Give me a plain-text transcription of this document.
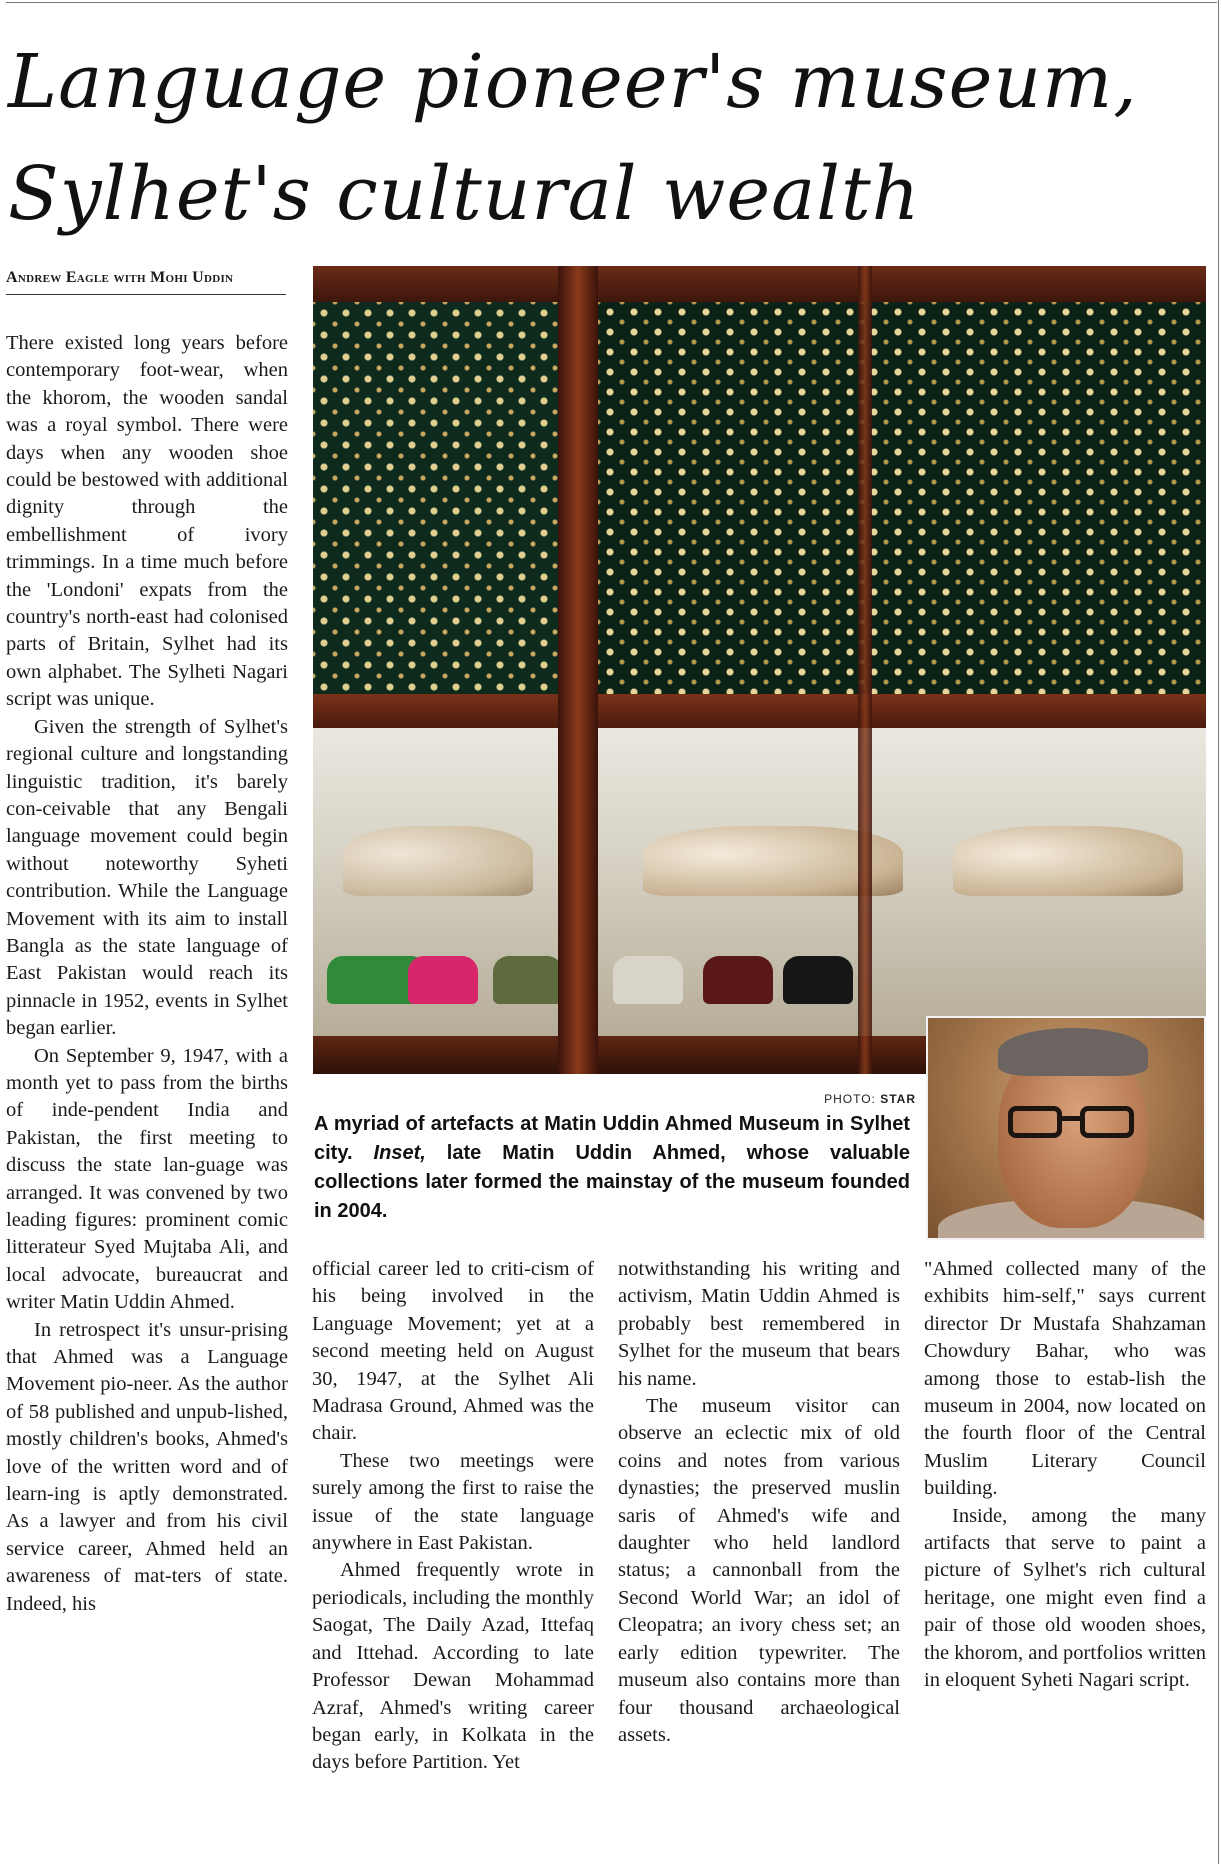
Language pioneer's museum,
Sylhet's cultural wealth
Andrew Eagle with Mohi Uddin

There existed long years before contemporary foot-wear, when the khorom, the wooden sandal was a royal symbol. There were days when any wooden shoe could be bestowed with additional dignity through the embellishment of ivory trimmings. In a time much before the 'Londoni' expats from the country's north-east had colonised parts of Britain, Sylhet had its own alphabet. The Sylheti Nagari script was unique.

Given the strength of Sylhet's regional culture and longstanding linguistic tradition, it's barely con-ceivable that any Bengali language movement could begin without noteworthy Syheti contribution. While the Language Movement with its aim to install Bangla as the state language of East Pakistan would reach its pinnacle in 1952, events in Sylhet began earlier.

On September 9, 1947, with a month yet to pass from the births of inde-pendent India and Pakistan, the first meeting to discuss the state lan-guage was arranged. It was convened by two leading figures: prominent comic litterateur Syed Mujtaba Ali, and local advocate, bureaucrat and writer Matin Uddin Ahmed.

In retrospect it's unsur-prising that Ahmed was a Language Movement pio-neer. As the author of 58 published and unpub-lished, mostly children's books, Ahmed's love of the written word and of learn-ing is aptly demonstrated. As a lawyer and from his civil service career, Ahmed held an awareness of mat-ters of state. Indeed, his

PHOTO: STAR
A myriad of artefacts at Matin Uddin Ahmed Museum in Sylhet city. Inset, late Matin Uddin Ahmed, whose valuable collections later formed the mainstay of the museum founded in 2004.

official career led to criti-cism of his being involved in the Language Movement; yet at a second meeting held on August 30, 1947, at the Sylhet Ali Madrasa Ground, Ahmed was the chair.

These two meetings were surely among the first to raise the issue of the state language anywhere in East Pakistan.

Ahmed frequently wrote in periodicals, including the monthly Saogat, The Daily Azad, Ittefaq and Ittehad. According to late Professor Dewan Mohammad Azraf, Ahmed's writing career began early, in Kolkata in the days before Partition. Yet

notwithstanding his writing and activism, Matin Uddin Ahmed is probably best remembered in Sylhet for the museum that bears his name.

The museum visitor can observe an eclectic mix of old coins and notes from various dynasties; the preserved muslin saris of Ahmed's wife and daughter who held landlord status; a cannonball from the Second World War; an idol of Cleopatra; an ivory chess set; an early edition typewriter. The museum also contains more than four thousand archaeological assets.

"Ahmed collected many of the exhibits him-self," says current director Dr Mustafa Shahzaman Chowdury Bahar, who was among those to estab-lish the museum in 2004, now located on the fourth floor of the Central Muslim Literary Council building.

Inside, among the many artifacts that serve to paint a picture of Sylhet's rich cultural heritage, one might even find a pair of those old wooden shoes, the khorom, and portfolios written in eloquent Syheti Nagari script.
